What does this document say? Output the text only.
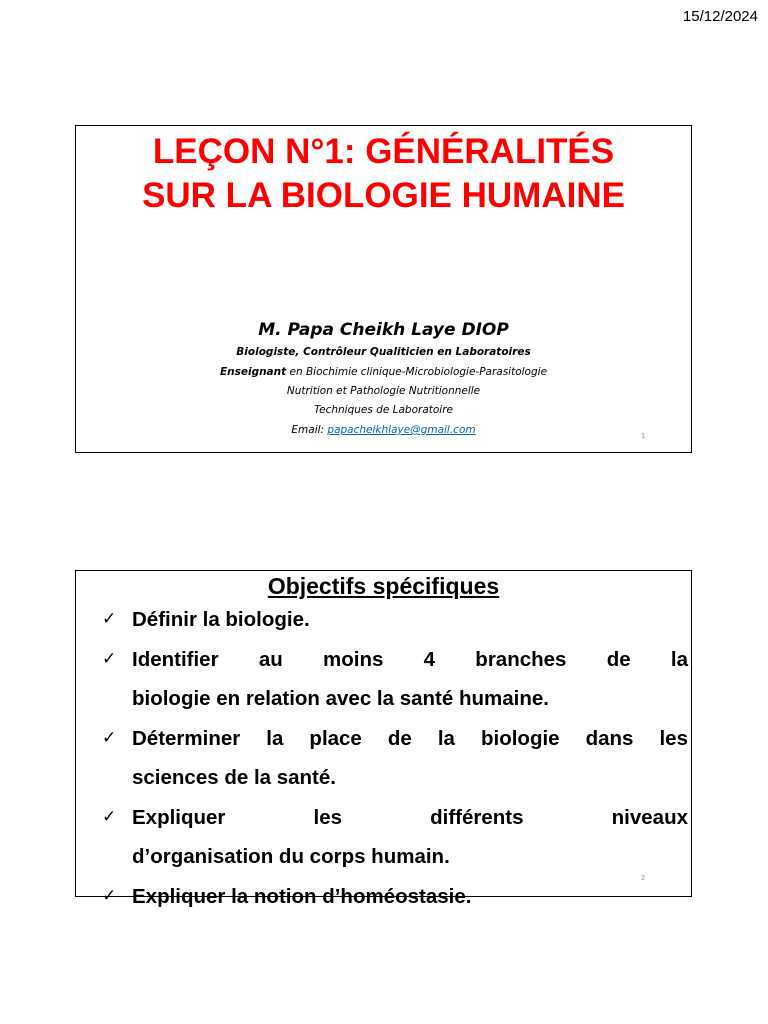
15/12/2024
LEÇON N°1: GÉNÉRALITÉS
SUR LA BIOLOGIE HUMAINE
M. Papa Cheikh Laye DIOP
Biologiste, Contrôleur Qualiticien en Laboratoires
Enseignant en Biochimie clinique-Microbiologie-Parasitologie
Nutrition et Pathologie Nutritionnelle
Techniques de Laboratoire
Email: papacheikhlaye@gmail.com
1
Objectifs spécifiques
✓ Définir la biologie.
✓ Identifier au moins 4 branches de la
biologie en relation avec la santé humaine.
✓ Déterminer la place de la biologie dans les
sciences de la santé.
✓ Expliquer les différents niveaux
d’organisation du corps humain.
✓ Expliquer la notion d’homéostasie.
2
